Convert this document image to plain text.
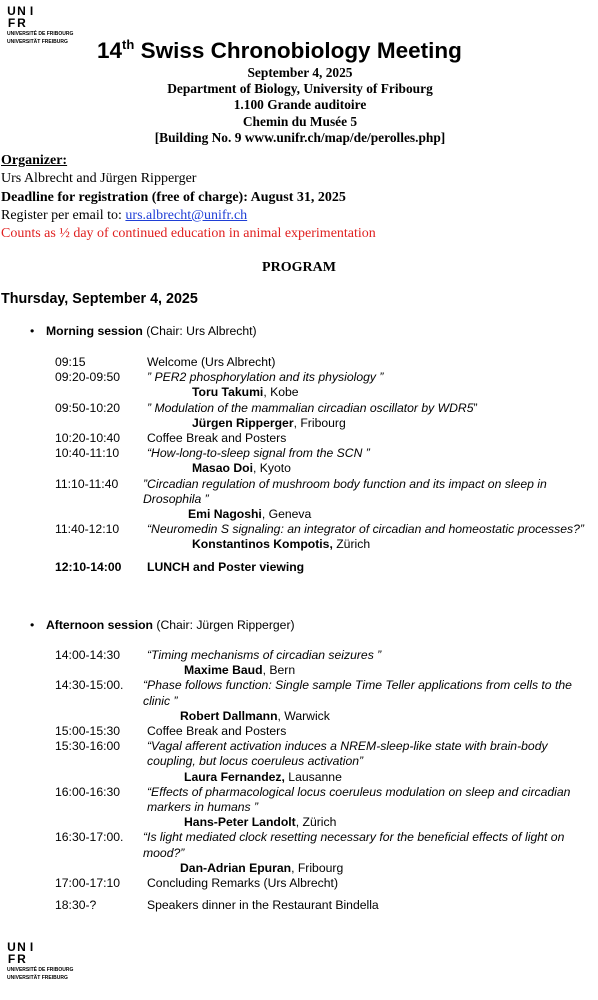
U N I
F R
UNIVERSITÉ DE FRIBOURG
UNIVERSITÄT FREIBURG 14th Swiss Chronobiology Meeting
September 4, 2025
Department of Biology, University of Fribourg
1.100 Grande auditoire
Chemin du Musée 5
[Building No. 9 www.unifr.ch/map/de/perolles.php]
Organizer:
Urs Albrecht and Jürgen Ripperger
Deadline for registration (free of charge): August 31, 2025
Register per email to: urs.albrecht@unifr.ch
Counts as ½ day of continued education in animal experimentation
PROGRAM
Thursday, September 4, 2025
• Morning session (Chair: Urs Albrecht)
09:15	Welcome (Urs Albrecht)
09:20-09:50	” PER2 phosphorylation and its physiology ”
Toru Takumi, Kobe
09:50-10:20	” Modulation of the mammalian circadian oscillator by WDR5”
Jürgen Ripperger, Fribourg
10:20-10:40	Coffee Break and Posters
10:40-11:10	“How-long-to-sleep signal from the SCN ”
Masao Doi, Kyoto
11:10-11:40	”Circadian regulation of mushroom body function and its impact on sleep in Drosophila ”
Emi Nagoshi, Geneva
11:40-12:10	“Neuromedin S signaling: an integrator of circadian and homeostatic processes?”
Konstantinos Kompotis, Zürich
12:10-14:00	LUNCH and Poster viewing
• Afternoon session (Chair: Jürgen Ripperger)
14:00-14:30	“Timing mechanisms of circadian seizures ”
Maxime Baud, Bern
14:30-15:00.	“Phase follows function: Single sample Time Teller applications from cells to the clinic ”
Robert Dallmann, Warwick
15:00-15:30	Coffee Break and Posters
15:30-16:00	“Vagal afferent activation induces a NREM-sleep-like state with brain-body coupling, but locus coeruleus activation”
Laura Fernandez, Lausanne
16:00-16:30	“Effects of pharmacological locus coeruleus modulation on sleep and circadian markers in humans ”
Hans-Peter Landolt, Zürich
16:30-17:00.	“Is light mediated clock resetting necessary for the beneficial effects of light on mood?”
Dan-Adrian Epuran, Fribourg
17:00-17:10	Concluding Remarks (Urs Albrecht)
18:30-?	Speakers dinner in the Restaurant Bindella
U N I
F R
UNIVERSITÉ DE FRIBOURG
UNIVERSITÄT FREIBURG
